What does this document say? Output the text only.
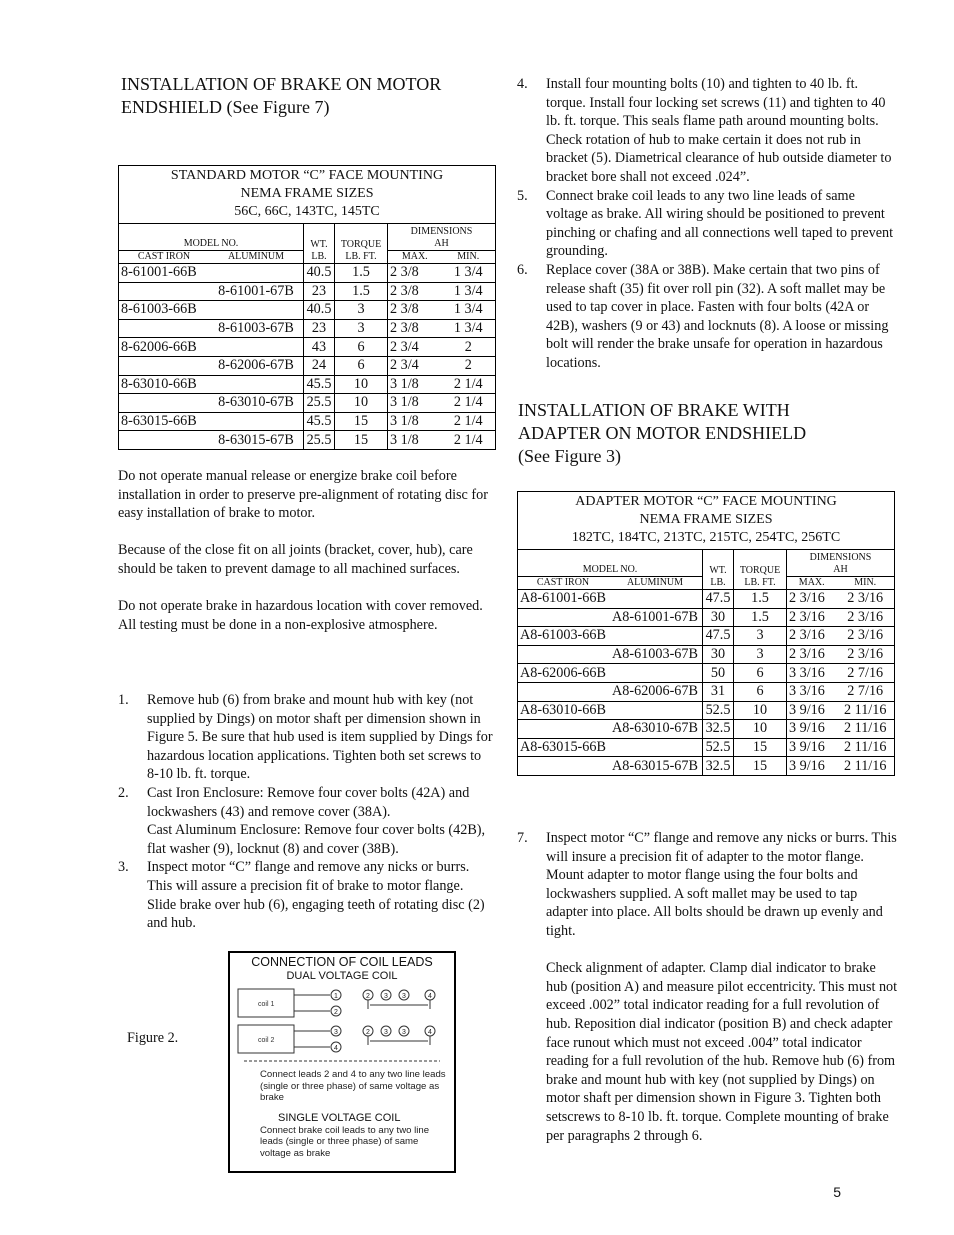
INSTALLATION OF BRAKE ON MOTOR
ENDSHIELD (See Figure 7)
STANDARD MOTOR “C” FACE MOUNTING
NEMA FRAME SIZES
56C, 66C, 143TC, 145TC					

MODEL NO.		WT.	TORQUE	DIMENSIONS
AH	

CAST IRON	ALUMINUM	LB.	LB. FT.	MAX.	MIN.
8-61001-66B		40.5	1.5	2 3/8	1 3/4
	8-61001-67B	23	1.5	2 3/8	1 3/4
8-61003-66B		40.5	3	2 3/8	1 3/4
	8-61003-67B	23	3	2 3/8	1 3/4
8-62006-66B		43	6	2 3/4	2
	8-62006-67B	24	6	2 3/4	2
8-63010-66B		45.5	10	3 1/8	2 1/4
	8-63010-67B	25.5	10	3 1/8	2 1/4
8-63015-66B		45.5	15	3 1/8	2 1/4
	8-63015-67B	25.5	15	3 1/8	2 1/4

Do not operate manual release or energize brake coil before installation in order to preserve pre-alignment of rotating disc for easy installation of brake to motor.

Because of the close fit on all joints (bracket, cover, hub), care should be taken to prevent damage to all machined surfaces.

Do not operate brake in hazardous location with cover removed. All testing must be done in a non-explosive atmosphere.

1. Remove hub (6) from brake and mount hub with key (not supplied by Dings) on motor shaft per dimension shown in Figure 5. Be sure that hub used is item supplied by Dings for hazardous location applications. Tighten both set screws to 8-10 lb. ft. torque.
2. Cast Iron Enclosure: Remove four cover bolts (42A) and lockwashers (43) and remove cover (38A).
Cast Aluminum Enclosure: Remove four cover bolts (42B), flat washer (9), locknut (8) and cover (38B).
3. Inspect motor “C” flange and remove any nicks or burrs. This will assure a precision fit of brake to motor flange. Slide brake over hub (6), engaging teeth of rotating disc (2) and hub.
Figure 2.
CONNECTION OF COIL LEADS
DUAL VOLTAGE COIL
coil 1
coil 2
1
2
3
4
2 3 3	4
2 3 3	4
Connect leads 2 and 4 to any two line leads (single or three phase) of same voltage as brake
SINGLE VOLTAGE COIL
Connect brake coil leads to any two line leads (single or three phase) of same voltage as brake
4. Install four mounting bolts (10) and tighten to 40 lb. ft. torque. Install four locking set screws (11) and tighten to 40 lb. ft. torque. This seals flame path around mounting bolts. Check rotation of hub to make certain it does not rub in bracket (5). Diametrical clearance of hub outside diameter to bracket bore shall not exceed .024”.
5. Connect brake coil leads to any two line leads of same voltage as brake. All wiring should be positioned to prevent pinching or chafing and all connections well taped to prevent grounding.
6. Replace cover (38A or 38B). Make certain that two pins of release shaft (35) fit over roll pin (32). A soft mallet may be used to tap cover in place. Fasten with four bolts (42A or 42B), washers (9 or 43) and locknuts (8). A loose or missing bolt will render the brake unsafe for operation in hazardous locations.
INSTALLATION OF BRAKE WITH
ADAPTER ON MOTOR ENDSHIELD
(See Figure 3)
ADAPTER MOTOR “C” FACE MOUNTING
NEMA FRAME SIZES
182TC, 184TC, 213TC, 215TC, 254TC, 256TC					

MODEL NO.		WT.	TORQUE	DIMENSIONS
AH	

CAST IRON	ALUMINUM	LB.	LB. FT.	MAX.	MIN.
A8-61001-66B		47.5	1.5	2 3/16	2 3/16
	A8-61001-67B	30	1.5	2 3/16	2 3/16
A8-61003-66B		47.5	3	2 3/16	2 3/16
	A8-61003-67B	30	3	2 3/16	2 3/16
A8-62006-66B		50	6	3 3/16	2 7/16
	A8-62006-67B	31	6	3 3/16	2 7/16
A8-63010-66B		52.5	10	3 9/16	2 11/16
	A8-63010-67B	32.5	10	3 9/16	2 11/16
A8-63015-66B		52.5	15	3 9/16	2 11/16
	A8-63015-67B	32.5	15	3 9/16	2 11/16
7. Inspect motor “C” flange and remove any nicks or burrs. This will insure a precision fit of adapter to the motor flange. Mount adapter to motor flange using the four bolts and lockwashers supplied. A soft mallet may be used to tap adapter into place. All bolts should be drawn up evenly and tight.
Check alignment of adapter. Clamp dial indicator to brake hub (position A) and measure pilot eccentricity. This must not exceed .002” total indicator reading for a full revolution of hub. Reposition dial indicator (position B) and check adapter face runout which must not exceed .004” total indicator reading for a full revolution of the hub. Remove hub (6) from brake and mount hub with key (not supplied by Dings) on motor shaft per dimension shown in Figure 3. Tighten both setscrews to 8-10 lb. ft. torque. Complete mounting of brake per paragraphs 2 through 6.
5
